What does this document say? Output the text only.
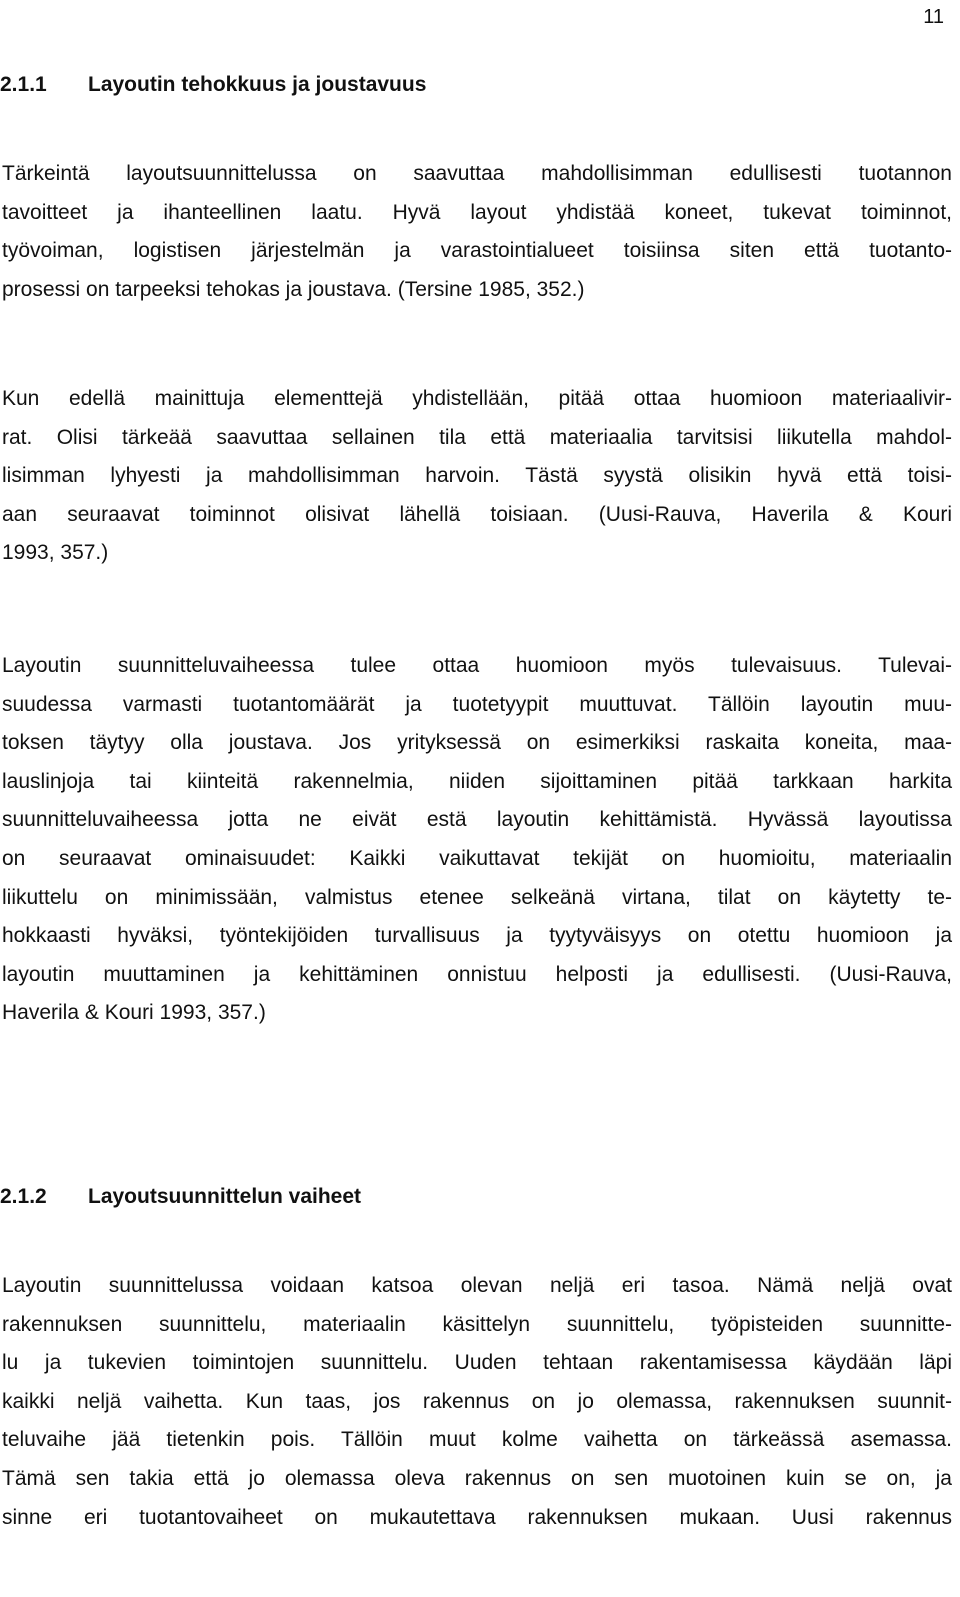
11
2.1.1 Layoutin tehokkuus ja joustavuus
Tärkeintä layoutsuunnittelussa on saavuttaa mahdollisimman edullisesti tuotannon
tavoitteet ja ihanteellinen laatu. Hyvä layout yhdistää koneet, tukevat toiminnot,
työvoiman, logistisen järjestelmän ja varastointialueet toisiinsa siten että tuotanto-
prosessi on tarpeeksi tehokas ja joustava. (Tersine 1985, 352.)
Kun edellä mainittuja elementtejä yhdistellään, pitää ottaa huomioon materiaalivir-
rat. Olisi tärkeää saavuttaa sellainen tila että materiaalia tarvitsisi liikutella mahdol-
lisimman lyhyesti ja mahdollisimman harvoin. Tästä syystä olisikin hyvä että toisi-
aan seuraavat toiminnot olisivat lähellä toisiaan. (Uusi-Rauva, Haverila & Kouri
1993, 357.)
Layoutin suunnitteluvaiheessa tulee ottaa huomioon myös tulevaisuus. Tulevai-
suudessa varmasti tuotantomäärät ja tuotetyypit muuttuvat. Tällöin layoutin muu-
toksen täytyy olla joustava. Jos yrityksessä on esimerkiksi raskaita koneita, maa-
lauslinjoja tai kiinteitä rakennelmia, niiden sijoittaminen pitää tarkkaan harkita
suunnitteluvaiheessa jotta ne eivät estä layoutin kehittämistä. Hyvässä layoutissa
on seuraavat ominaisuudet: Kaikki vaikuttavat tekijät on huomioitu, materiaalin
liikuttelu on minimissään, valmistus etenee selkeänä virtana, tilat on käytetty te-
hokkaasti hyväksi, työntekijöiden turvallisuus ja tyytyväisyys on otettu huomioon ja
layoutin muuttaminen ja kehittäminen onnistuu helposti ja edullisesti. (Uusi-Rauva,
Haverila & Kouri 1993, 357.)
2.1.2 Layoutsuunnittelun vaiheet
Layoutin suunnittelussa voidaan katsoa olevan neljä eri tasoa. Nämä neljä ovat
rakennuksen suunnittelu, materiaalin käsittelyn suunnittelu, työpisteiden suunnitte-
lu ja tukevien toimintojen suunnittelu. Uuden tehtaan rakentamisessa käydään läpi
kaikki neljä vaihetta. Kun taas, jos rakennus on jo olemassa, rakennuksen suunnit-
teluvaihe jää tietenkin pois. Tällöin muut kolme vaihetta on tärkeässä asemassa.
Tämä sen takia että jo olemassa oleva rakennus on sen muotoinen kuin se on, ja
sinne eri tuotantovaiheet on mukautettava rakennuksen mukaan. Uusi rakennus
